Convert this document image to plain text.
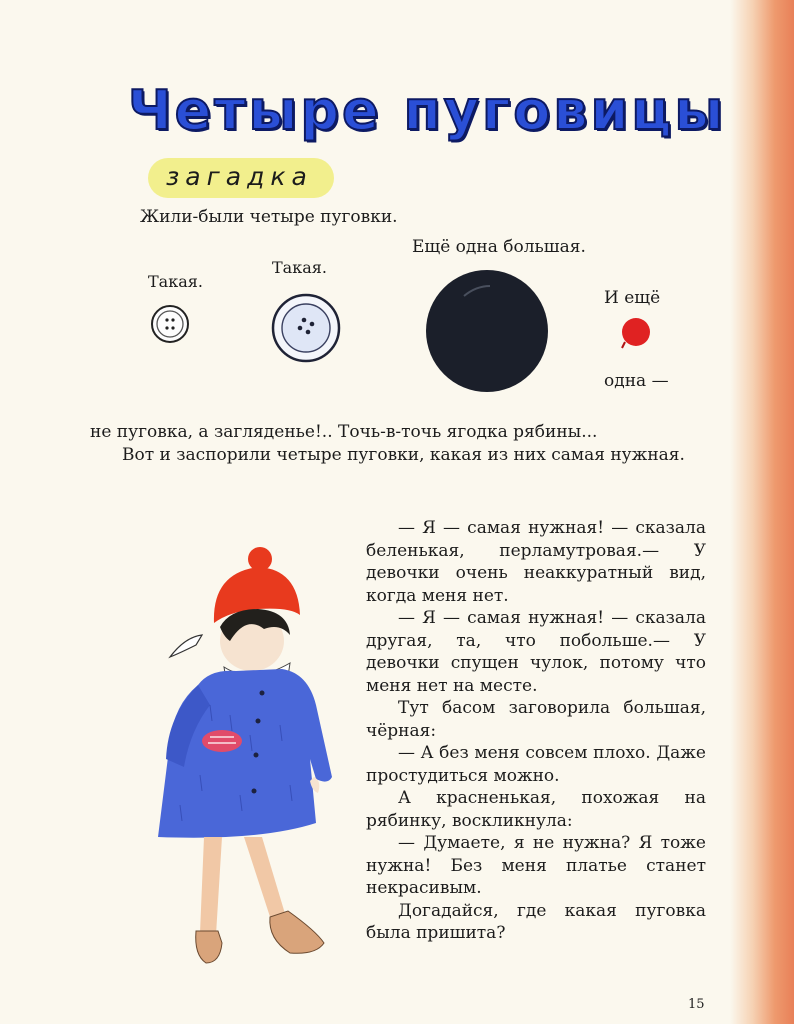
Четыре пуговицы
загадка
Жили-были четыре пуговки.
Такая.
Такая.
Ещё одна большая.
И ещё
одна —
не пуговка, а загляденье!.. Точь-в-точь ягодка рябины...

Вот и заспорили четыре пуговки, какая из них самая нужная.

— Я — самая нужная! — сказала беленькая, перламутровая.— У девочки очень неаккуратный вид, когда меня нет.

— Я — самая нужная! — сказала другая, та, что побольше.— У девочки спущен чулок, потому что меня нет на месте.

Тут басом заговорила большая, чёрная:

— А без меня совсем плохо. Даже простудиться можно.

А красненькая, похожая на рябинку, воскликнула:

— Думаете, я не нужна? Я тоже нужна! Без меня платье станет некрасивым.

Догадайся, где какая пуговка была пришита?

15
